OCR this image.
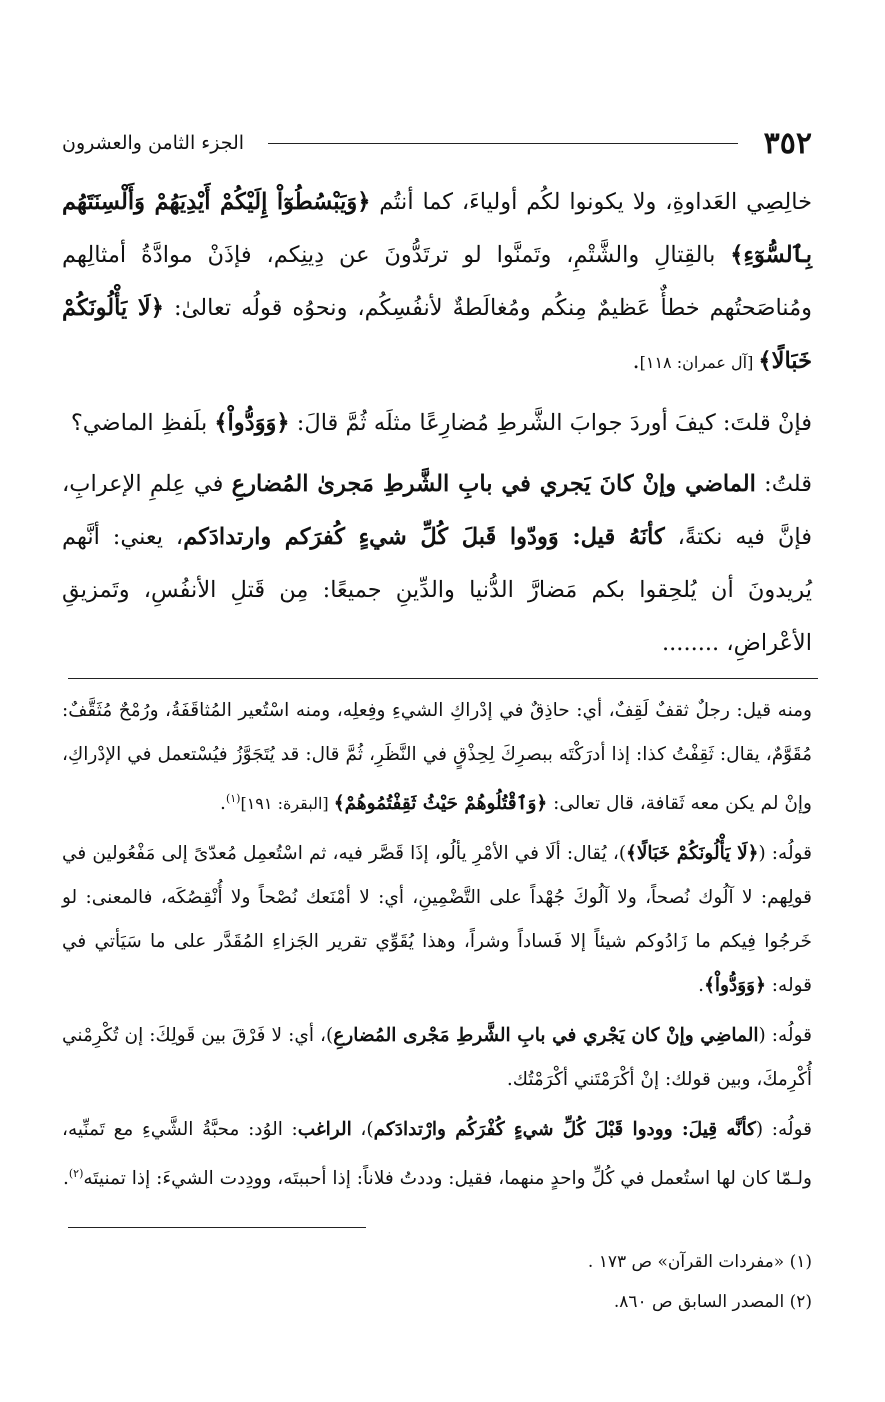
٣٥٢
الجزء الثامن والعشرون

خالِصِي العَداوةِ، ولا يكونوا لكُم أولياءَ، كما أنتُم ﴿وَيَبْسُطُوٓاْ إِلَيْكُمْ أَيْدِيَهُمْ وَأَلْسِنَتَهُم بِٱلسُّوٓءِ﴾ بالقِتالِ والشَّتْمِ، وتَمنَّوا لو ترتَدُّونَ عن دِينِكم، فإذَنْ موادَّةُ أمثالِهم ومُناصَحتُهم خطأٌ عَظيمٌ مِنكُم ومُغالَطةٌ لأنفُسِكُم، ونحوُه قولُه تعالىٰ: ﴿لَا يَأْلُونَكُمْ خَبَالًا﴾ [آل عمران: ١١٨].

فإنْ قلتَ: كيفَ أوردَ جوابَ الشَّرطِ مُضارِعًا مثلَه ثُمَّ قالَ: ﴿وَوَدُّواْ﴾ بلَفظِ الماضي؟

قلتُ: الماضي وإنْ كانَ يَجري في بابِ الشَّرطِ مَجرىٰ المُضارعِ في عِلمِ الإعرابِ، فإنَّ فيه نكتةً، كأنَهُ قيل: وَودّوا قَبلَ كُلِّ شيءٍ كُفرَكم وارتدادَكم، يعني: أنَّهم يُريدونَ أن يُلحِقوا بكم مَضارَّ الدُّنيا والدِّينِ جميعًا: مِن قَتلِ الأنفُسِ، وتَمزيقِ الأعْراضِ، ........

ومنه قيل: رجلٌ ثقفٌ لَقِفٌ، أي: حاذِقٌ في إدْراكِ الشيءِ وفِعلِه، ومنه اسْتُعير المُثاقَفَةُ، ورُمْحٌ مُثَقَّفٌ: مُقَوَّمٌ، يقال: ثَقِفْتُ كذا: إذا أدرَكْتَه ببصرِكَ لِحِذْقٍ في النَّظَرِ، ثُمَّ قال: قد يُتَجَوَّزُ فيُسْتعمل في الإدْراكِ، وإنْ لم يكن معه ثَقافة، قال تعالى: ﴿وَٱقْتُلُوهُمْ حَيْثُ ثَقِفْتُمُوهُمْ﴾ [البقرة: ١٩١]$^{(١)}$.

قولُه: (﴿لَا يَأْلُونَكُمْ خَبَالًا﴾)، يُقال: ألَا في الأمْرِ يألُو، إذَا قَصَّر فيه، ثم اسْتُعمِل مُعدّىً إلى مَفْعُولين في قولِهم: لا آلُوك نُصحاً، ولا آلُوكَ جُهْداً على التَّضْمِينِ، أي: لا أمْنَعك نُصْحاً ولا أُنْقِصُكَه، فالمعنى: لو خَرجُوا فِيكم ما زَادُوكم شيئاً إلا فَساداً وشراً، وهذا يُقَوِّي تقرير الجَزاءِ المُقَدَّر على ما سَيَأتي في قوله: ﴿وَوَدُّواْ﴾.

قولُه: (الماضِي وإنْ كان يَجْري في بابِ الشَّرطِ مَجْرى المُضارعِ)، أي: لا فَرْقَ بين قَولِكَ: إن تُكْرِمْني أُكْرِمكَ، وبين قولك: إنْ أكْرَمْتَني أكْرَمْتُك.

قولُه: (كأنَّه قِيلَ: وودوا قَبْلَ كُلِّ شيءٍ كُفْرَكُم وارْتدادَكم)، الراغب: الوُد: محبَّةُ الشَّيءِ مع تَمنِّيه، ولـمّا كان لها استُعمل في كُلِّ واحدٍ منهما، فقيل: وددتُ فلاناً: إذا أحببتَه، وودِدت الشيءَ: إذا تمنيتَه$^{(٢)}$.

(١) «مفردات القرآن» ص ١٧٣ .

(٢) المصدر السابق ص ٨٦٠.
